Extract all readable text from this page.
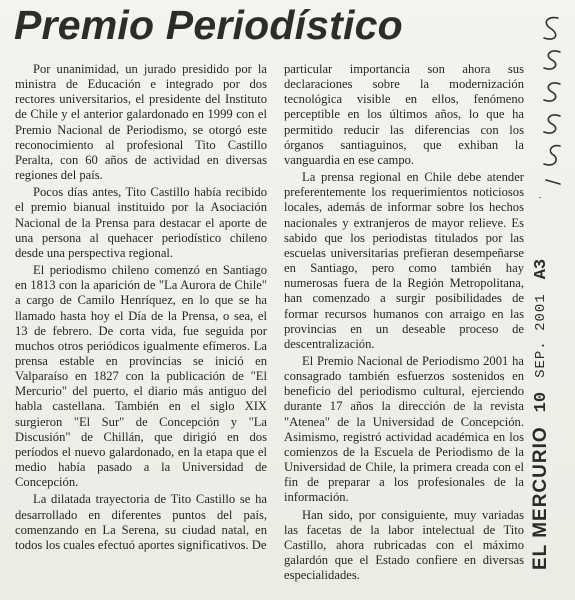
Premio Periodístico

Por unanimidad, un jurado presidido por la ministra de Educación e integrado por dos rectores universitarios, el presidente del Instituto de Chile y el anterior galardonado en 1999 con el Premio Nacional de Periodismo, se otorgó este reconocimiento al profesional Tito Castillo Peralta, con 60 años de actividad en diversas regiones del país.

Pocos días antes, Tito Castillo había recibido el premio bianual instituido por la Asociación Nacional de la Prensa para destacar el aporte de una persona al quehacer periodístico chileno desde una perspectiva regional.

El periodismo chileno comenzó en Santiago en 1813 con la aparición de "La Aurora de Chile" a cargo de Camilo Henríquez, en lo que se ha llamado hasta hoy el Día de la Prensa, o sea, el 13 de febrero. De corta vida, fue seguida por muchos otros periódicos igualmente efímeros. La prensa estable en provincias se inició en Valparaíso en 1827 con la publicación de "El Mercurio" del puerto, el diario más antiguo del habla castellana. También en el siglo XIX surgieron "El Sur" de Concepción y "La Discusión" de Chillán, que dirigió en dos períodos el nuevo galardonado, en la etapa que el medio había pasado a la Universidad de Concepción.

La dilatada trayectoria de Tito Castillo se ha desarrollado en diferentes puntos del país, comenzando en La Serena, su ciudad natal, en todos los cuales efectuó aportes significativos. De

particular importancia son ahora sus declaraciones sobre la modernización tecnológica visible en ellos, fenómeno perceptible en los últimos años, lo que ha permitido reducir las diferencias con los órganos santiaguinos, que exhiban la vanguardia en ese campo.

La prensa regional en Chile debe atender preferentemente los requerimientos noticiosos locales, además de informar sobre los hechos nacionales y extranjeros de mayor relieve. Es sabido que los periodistas titulados por las escuelas universitarias prefieran desempeñarse en Santiago, pero como también hay numerosas fuera de la Región Metropolitana, han comenzado a surgir posibilidades de formar recursos humanos con arraigo en las provincias en un deseable proceso de descentralización.

El Premio Nacional de Periodismo 2001 ha consagrado también esfuerzos sostenidos en beneficio del periodismo cultural, ejerciendo durante 17 años la dirección de la revista "Atenea" de la Universidad de Concepción. Asimismo, registró actividad académica en los comienzos de la Escuela de Periodismo de la Universidad de Chile, la primera creada con el fin de preparar a los profesionales de la información.

Han sido, por consiguiente, muy variadas las facetas de la labor intelectual de Tito Castillo, ahora rubricadas con el máximo galardón que el Estado confiere en diversas especialidades.

EL MERCURIO
10
SEP. 2001
A3
